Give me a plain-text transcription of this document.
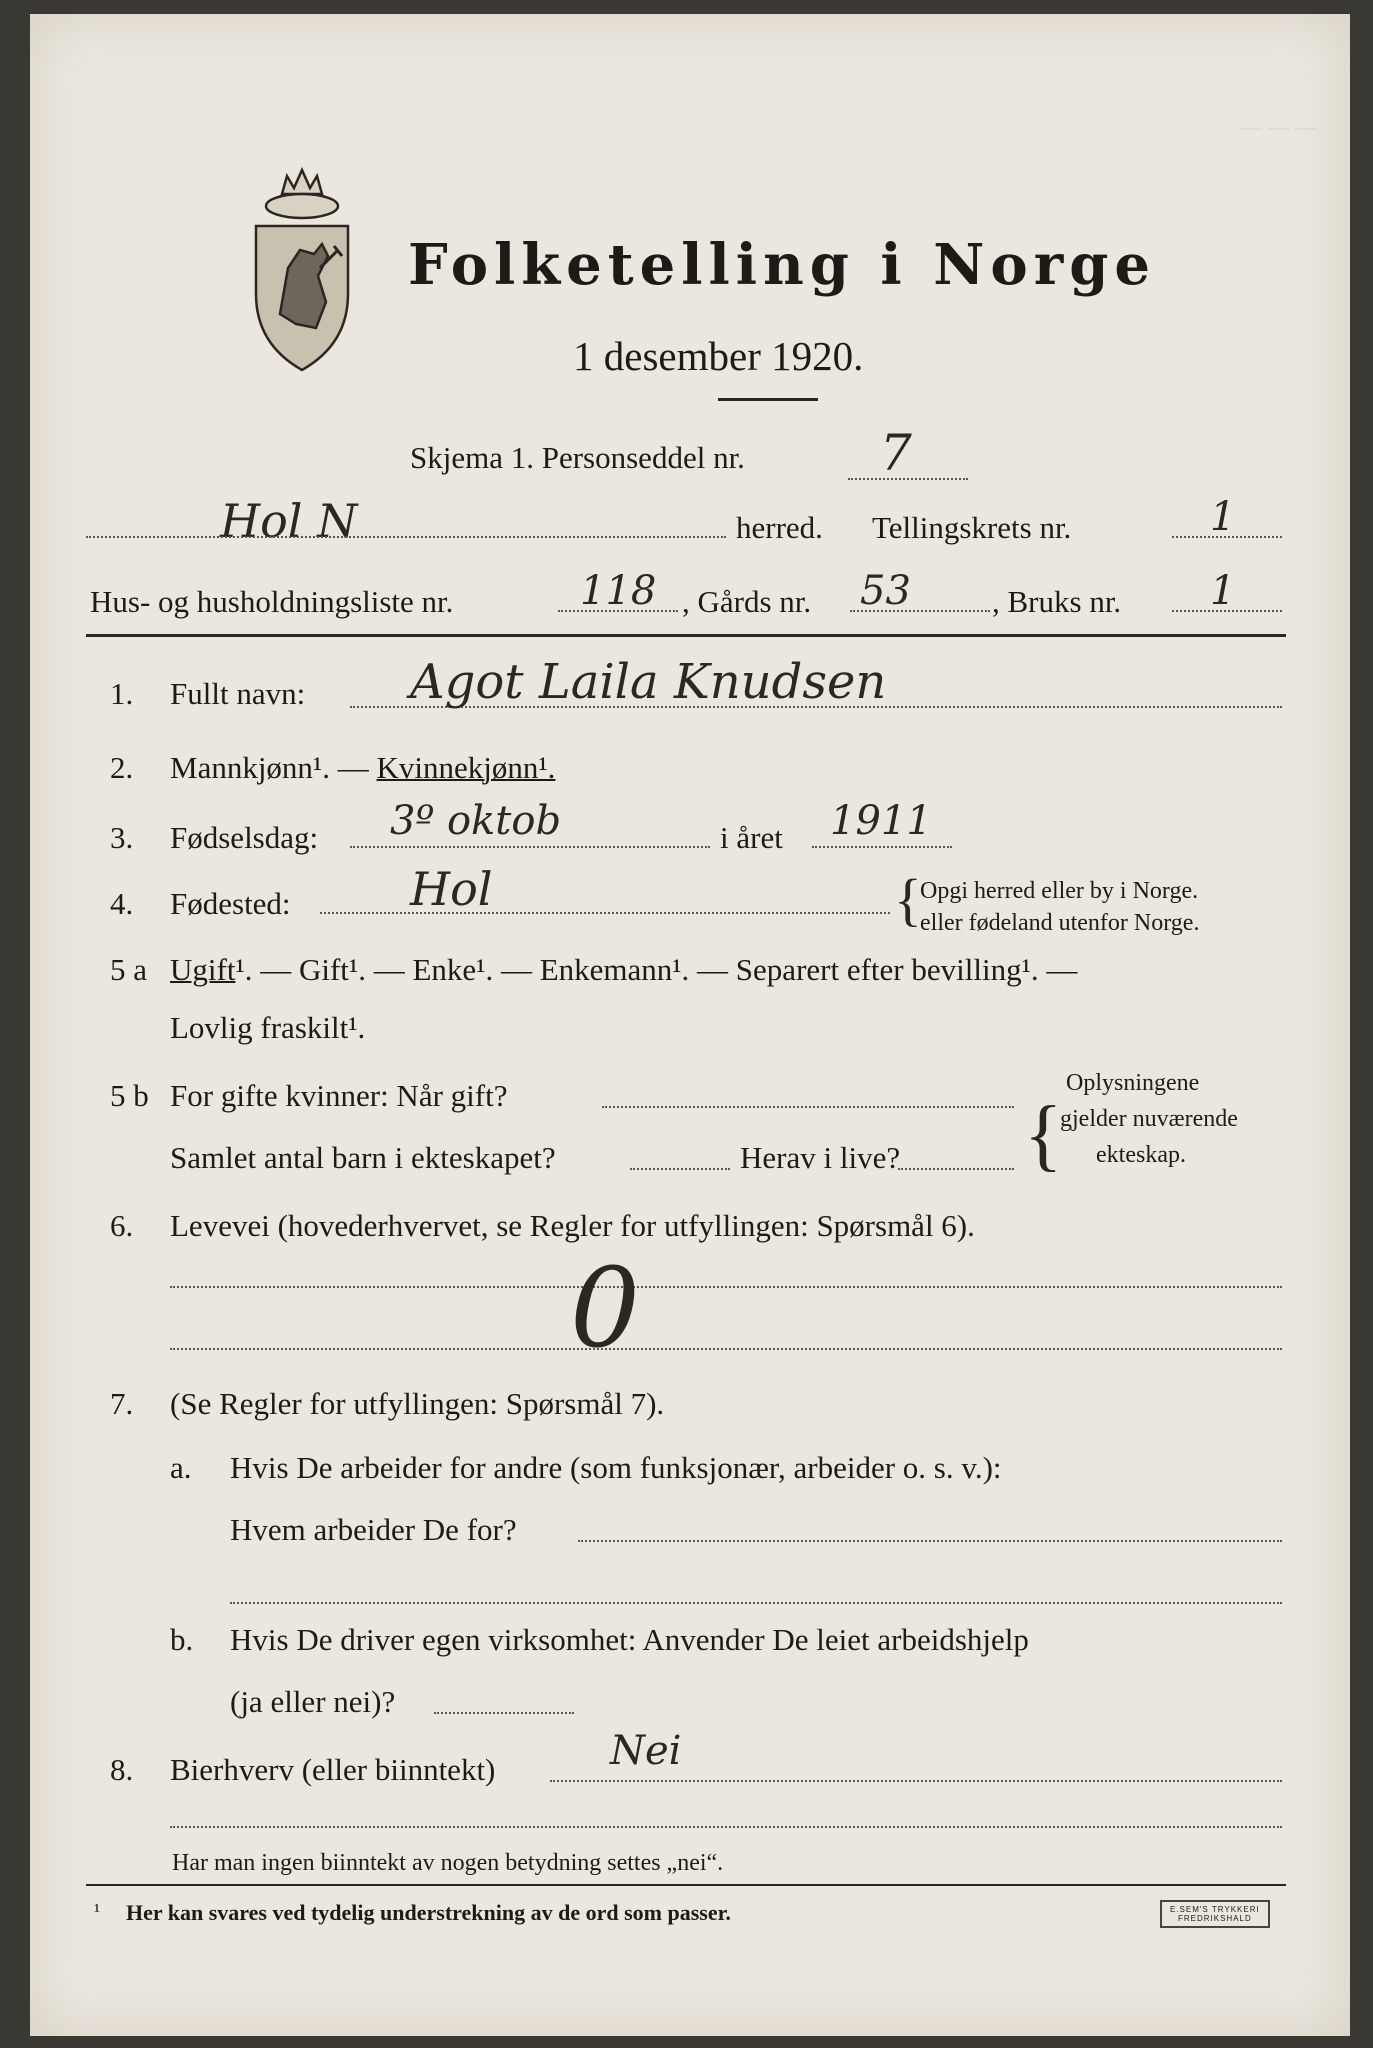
— — —
Folketelling i Norge
1 desember 1920.
Skjema 1. Personseddel nr.	7
Hol N	herred. Tellingskrets nr.	1
Hus- og husholdningsliste nr.	118 , Gårds nr. 53	, Bruks nr. 1
1. Fullt navn: Agot Laila Knudsen
2. Mannkjønn¹. — Kvinnekjønn¹.
3. Fødselsdag: 3º oktob	i året 1911
4. Fødested:	Hol	{
Opgi herred eller by i Norge.
eller fødeland utenfor Norge.
5 a Ugift¹. — Gift¹. — Enke¹. — Enkemann¹. — Separert efter bevilling¹. —
Lovlig fraskilt¹.
5 b For gifte kvinner: Når gift?
Samlet antal barn i ekteskapet?	Herav i live? {
Oplysningene
gjelder nuværende
ekteskap.
6. Levevei (hovederhvervet, se Regler for utfyllingen: Spørsmål 6).
0
7. (Se Regler for utfyllingen: Spørsmål 7).
a. Hvis De arbeider for andre (som funksjonær, arbeider o. s. v.):
Hvem arbeider De for?
b. Hvis De driver egen virksomhet: Anvender De leiet arbeidshjelp
(ja eller nei)?
8. Bierhverv (eller biinntekt)	Nei
Har man ingen biinntekt av nogen betydning settes „nei“.
¹ Her kan svares ved tydelig understrekning av de ord som passer.	E.SEM'S TRYKKERI
FREDRIKSHALD
